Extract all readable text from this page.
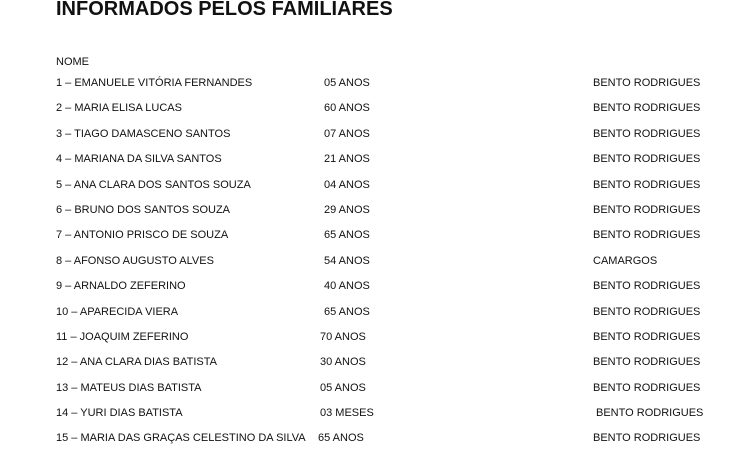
INFORMADOS PELOS FAMILIARES
NOME
1 – EMANUELE VITÓRIA FERNANDES	05 ANOS	BENTO RODRIGUES
2 – MARIA ELISA LUCAS	60 ANOS	BENTO RODRIGUES
3 – TIAGO DAMASCENO SANTOS	07 ANOS	BENTO RODRIGUES
4 – MARIANA DA SILVA SANTOS	21 ANOS	BENTO RODRIGUES
5 – ANA CLARA DOS SANTOS SOUZA	04 ANOS	BENTO RODRIGUES
6 – BRUNO DOS SANTOS SOUZA	29 ANOS	BENTO RODRIGUES
7 – ANTONIO PRISCO DE SOUZA	65 ANOS	BENTO RODRIGUES
8 – AFONSO AUGUSTO ALVES	54 ANOS	CAMARGOS
9 – ARNALDO ZEFERINO	40 ANOS	BENTO RODRIGUES
10 – APARECIDA VIERA	65 ANOS	BENTO RODRIGUES
11 – JOAQUIM ZEFERINO	70 ANOS	BENTO RODRIGUES
12 – ANA CLARA DIAS BATISTA	30 ANOS	BENTO RODRIGUES
13 – MATEUS DIAS BATISTA	05 ANOS	BENTO RODRIGUES
14 – YURI DIAS BATISTA	03 MESES	BENTO RODRIGUES
15 – MARIA DAS GRAÇAS CELESTINO DA SILVA 65 ANOS	BENTO RODRIGUES
